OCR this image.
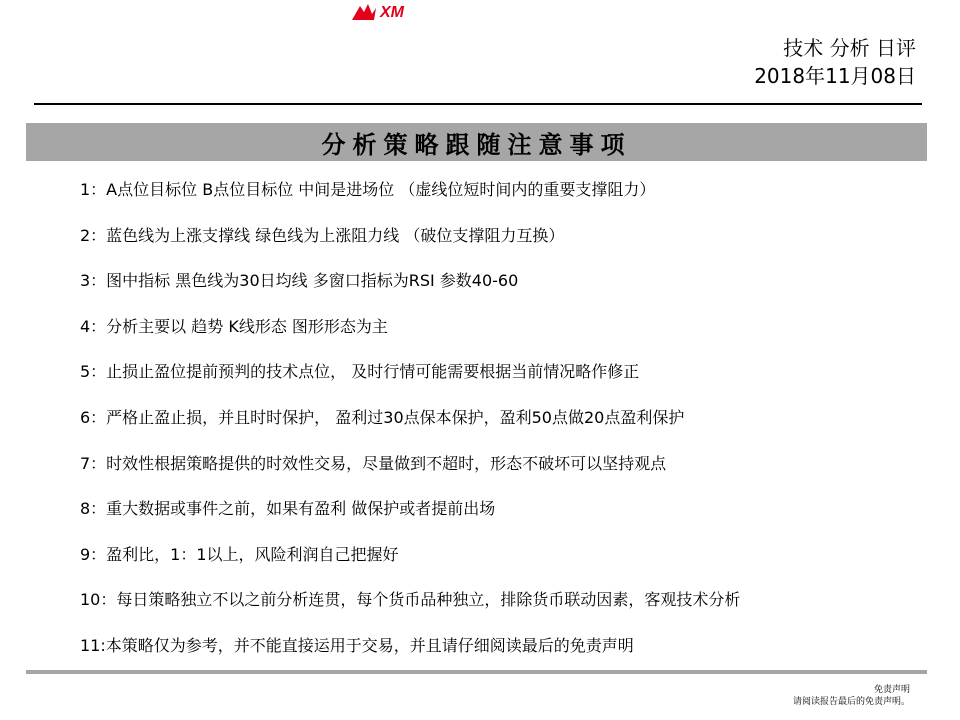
XM
技术 分析 日评
2018年11月08日
分析策略跟随注意事项
1：A点位目标位 B点位目标位 中间是进场位 （虚线位短时间内的重要支撑阻力）
2：蓝色线为上涨支撑线 绿色线为上涨阻力线 （破位支撑阻力互换）
3：图中指标 黑色线为30日均线 多窗口指标为RSI 参数40-60
4：分析主要以 趋势 K线形态 图形形态为主
5：止损止盈位提前预判的技术点位， 及时行情可能需要根据当前情况略作修正
6：严格止盈止损，并且时时保护， 盈利过30点保本保护，盈利50点做20点盈利保护
7：时效性根据策略提供的时效性交易，尽量做到不超时，形态不破坏可以坚持观点
8：重大数据或事件之前，如果有盈利 做保护或者提前出场
9：盈利比，1：1以上，风险利润自己把握好
10：每日策略独立不以之前分析连贯，每个货币品种独立，排除货币联动因素，客观技术分析
11:本策略仅为参考，并不能直接运用于交易，并且请仔细阅读最后的免责声明
免责声明
请阅读报告最后的免责声明。
